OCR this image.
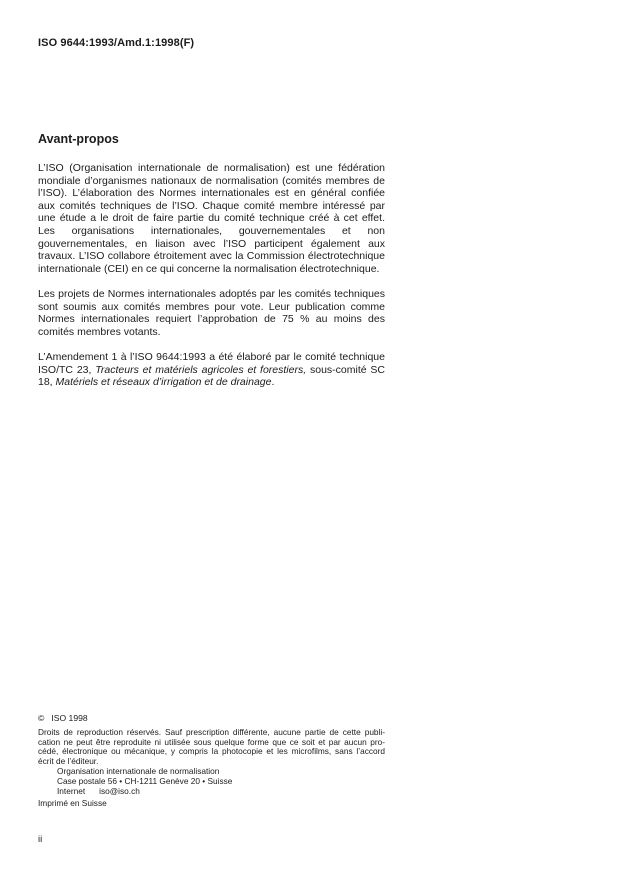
ISO 9644:1993/Amd.1:1998(F)
Avant-propos

L’ISO (Organisation internationale de normalisation) est une fédération mondiale d’organismes nationaux de normalisation (comités membres de l’ISO). L’élaboration des Normes internationales est en général confiée aux comités techniques de l’ISO. Chaque comité membre intéressé par une étude a le droit de faire partie du comité technique créé à cet effet. Les organisations internationales, gouvernementales et non gouvernementales, en liaison avec l’ISO participent également aux travaux. L’ISO collabore étroitement avec la Commission électrotechnique internationale (CEI) en ce qui concerne la normalisation électrotechnique.

Les projets de Normes internationales adoptés par les comités techniques sont soumis aux comités membres pour vote. Leur publication comme Normes internationales requiert l’approbation de 75 % au moins des comités membres votants.

L’Amendement 1 à l’ISO 9644:1993 a été élaboré par le comité technique ISO/TC 23, Tracteurs et matériels agricoles et forestiers, sous-comité SC 18, Matériels et réseaux d’irrigation et de drainage.

© ISO 1998
Droits de reproduction réservés. Sauf prescription différente, aucune partie de cette publi-
cation ne peut être reproduite ni utilisée sous quelque forme que ce soit et par aucun pro-
cédé, électronique ou mécanique, y compris la photocopie et les microfilms, sans l’accord
écrit de l’éditeur.
Organisation internationale de normalisation
Case postale 56 • CH-1211 Genève 20 • Suisse
Internet iso@iso.ch
Imprimé en Suisse
ii
